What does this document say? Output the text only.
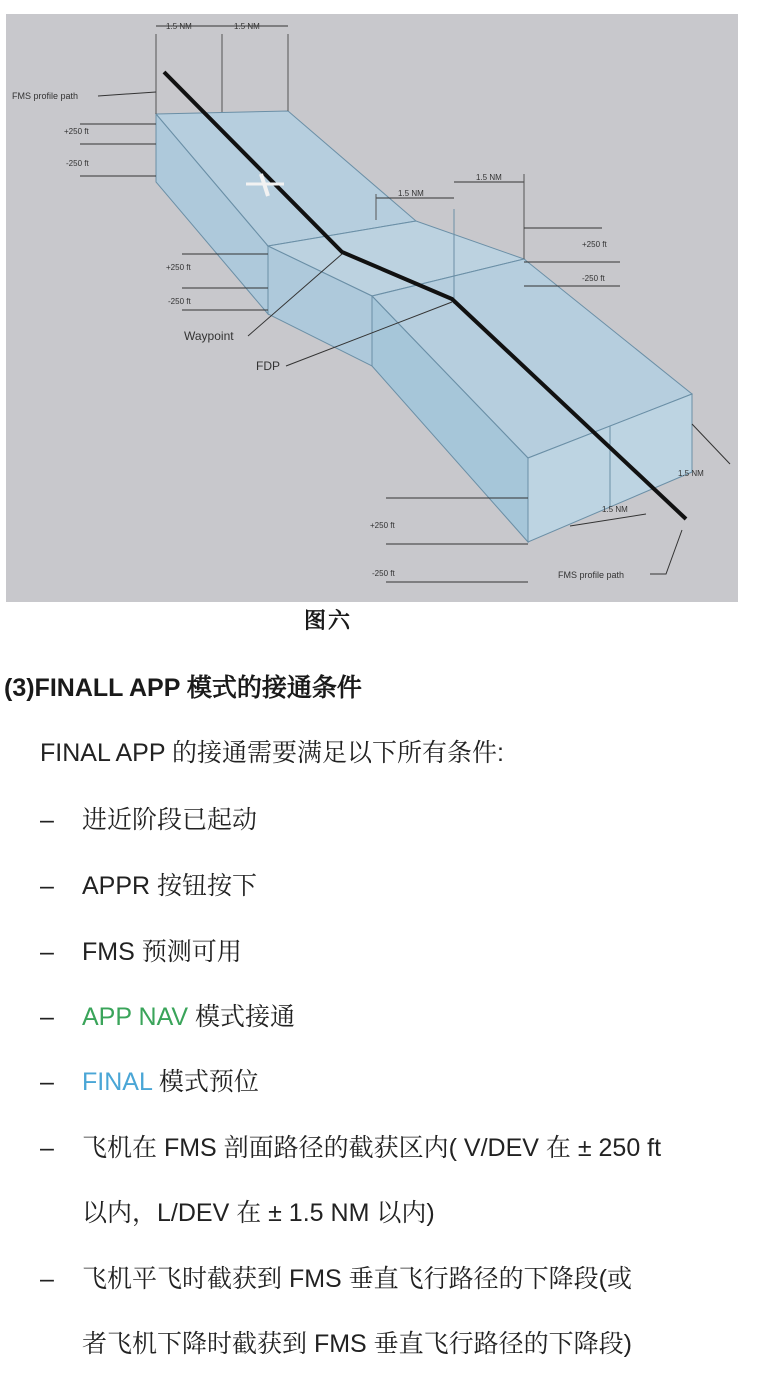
1.5 NM	1.5 NM
1.5 NM
1.5 NM
1.5 NM
1.5 NM
FMS profile path
FMS profile path
+250 ft
-250 ft
+250 ft
-250 ft
+250 ft
-250 ft
+250 ft
-250 ft
Waypoint
FDP
图六
(3)FINALL APP 模式的接通条件
FINAL APP 的接通需要满足以下所有条件:
– 进近阶段已起动
– APPR 按钮按下
– FMS 预测可用
– APP NAV 模式接通
– FINAL 模式预位
– 飞机在 FMS 剖面路径的截获区内( V/DEV 在 ± 250 ft
以内，L/DEV 在 ± 1.5 NM 以内)
– 飞机平飞时截获到 FMS 垂直飞行路径的下降段(或
者飞机下降时截获到 FMS 垂直飞行路径的下降段)
